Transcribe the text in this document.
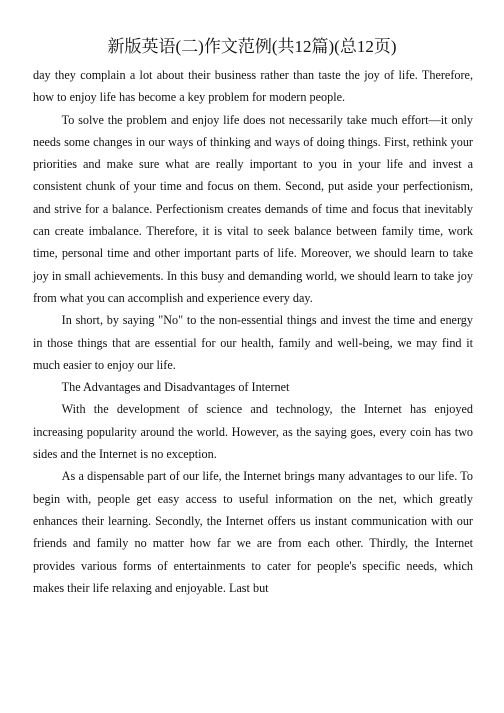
新版英语(二)作文范例(共12篇)(总12页)

day they complain a lot about their business rather than taste the joy of life. Therefore, how to enjoy life has become a key problem for modern people.

To solve the problem and enjoy life does not necessarily take much effort—it only needs some changes in our ways of thinking and ways of doing things. First, rethink your priorities and make sure what are really important to you in your life and invest a consistent chunk of your time and focus on them. Second, put aside your perfectionism, and strive for a balance. Perfectionism creates demands of time and focus that inevitably can create imbalance. Therefore, it is vital to seek balance between family time, work time, personal time and other important parts of life. Moreover, we should learn to take joy in small achievements. In this busy and demanding world, we should learn to take joy from what you can accomplish and experience every day.

In short, by saying "No" to the non-essential things and invest the time and energy in those things that are essential for our health, family and well-being, we may find it much easier to enjoy our life.

The Advantages and Disadvantages of Internet

With the development of science and technology, the Internet has enjoyed increasing popularity around the world. However, as the saying goes, every coin has two sides and the Internet is no exception.

As a dispensable part of our life, the Internet brings many advantages to our life. To begin with, people get easy access to useful information on the net, which greatly enhances their learning. Secondly, the Internet offers us instant communication with our friends and family no matter how far we are from each other. Thirdly, the Internet provides various forms of entertainments to cater for people's specific needs, which makes their life relaxing and enjoyable. Last but
